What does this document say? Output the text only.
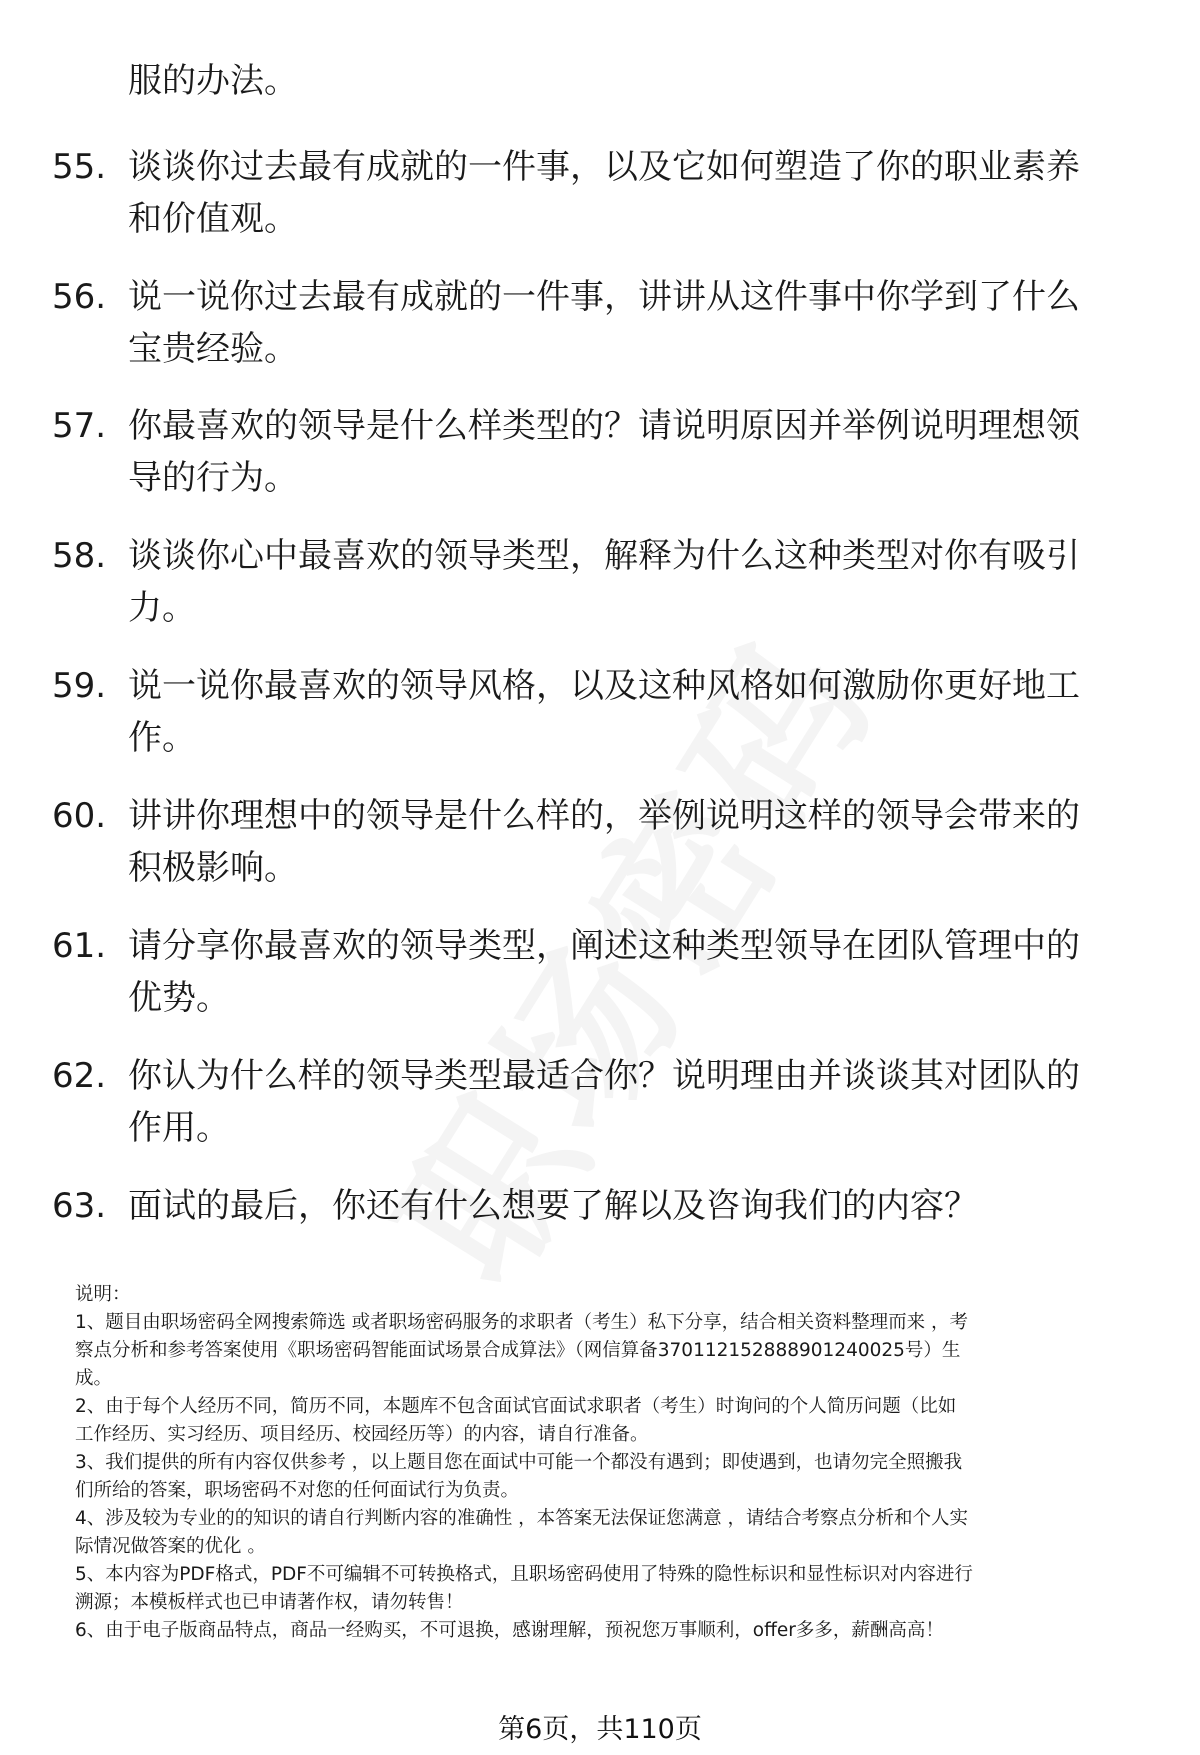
服的办法。
55. 谈谈你过去最有成就的一件事，以及它如何塑造了你的职业素养
和价值观。
56. 说一说你过去最有成就的一件事，讲讲从这件事中你学到了什么
宝贵经验。
57. 你最喜欢的领导是什么样类型的？请说明原因并举例说明理想领
导的行为。
58. 谈谈你心中最喜欢的领导类型，解释为什么这种类型对你有吸引
力。
59. 说一说你最喜欢的领导风格，以及这种风格如何激励你更好地工
作。
60. 讲讲你理想中的领导是什么样的，举例说明这样的领导会带来的
积极影响。
61. 请分享你最喜欢的领导类型，阐述这种类型领导在团队管理中的
优势。
62. 你认为什么样的领导类型最适合你？说明理由并谈谈其对团队的
作用。
63. 面试的最后，你还有什么想要了解以及咨询我们的内容？
说明：
1、题目由职场密码全网搜索筛选 或者职场密码服务的求职者（考生）私下分享，结合相关资料整理而来 ，考
察点分析和参考答案使用《职场密码智能面试场景合成算法》（网信算备370112152888901240025号）生
成。
2、由于每个人经历不同，简历不同，本题库不包含面试官面试求职者（考生）时询问的个人简历问题（比如
工作经历、实习经历、项目经历、校园经历等）的内容，请自行准备。
3、我们提供的所有内容仅供参考 ，以上题目您在面试中可能一个都没有遇到；即使遇到，也请勿完全照搬我
们所给的答案，职场密码不对您的任何面试行为负责。
4、涉及较为专业的的知识的请自行判断内容的准确性 ，本答案无法保证您满意 ，请结合考察点分析和个人实
际情况做答案的优化 。
5、本内容为PDF格式，PDF不可编辑不可转换格式，且职场密码使用了特殊的隐性标识和显性标识对内容进行
溯源；本模板样式也已申请著作权，请勿转售！
6、由于电子版商品特点，商品一经购买，不可退换，感谢理解，预祝您万事顺利，offer多多，薪酬高高！
第6页，共110页
